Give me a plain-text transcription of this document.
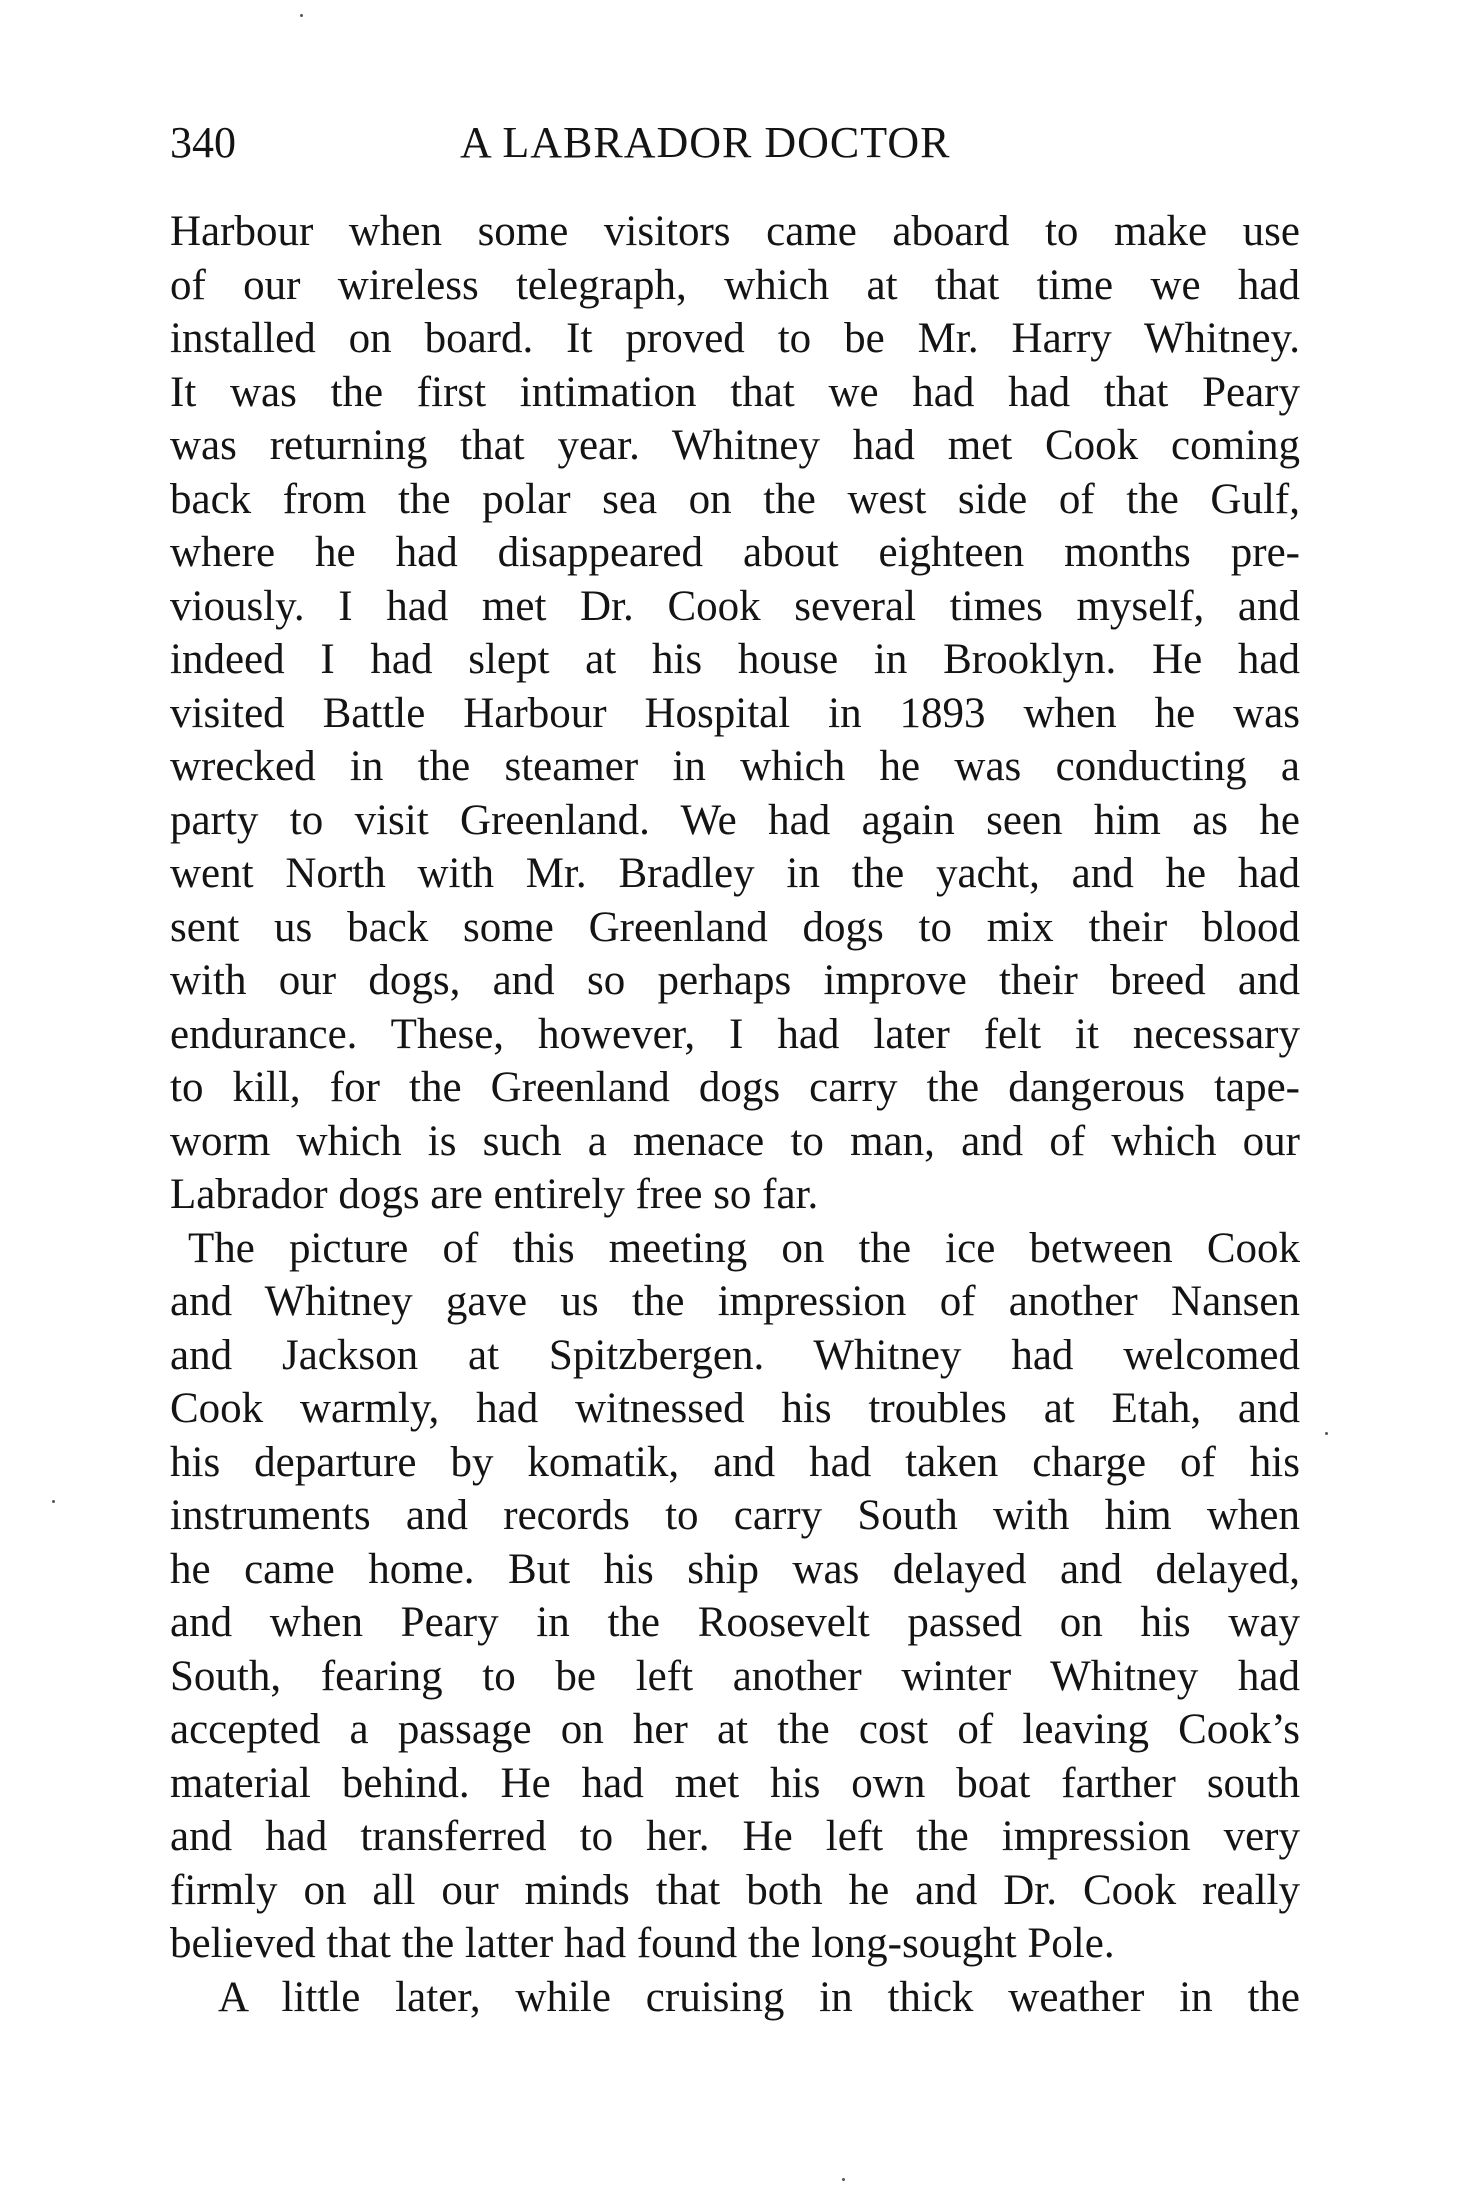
340	A LABRADOR DOCTOR
Harbour when some visitors came aboard to make use
of our wireless telegraph, which at that time we had
installed on board. It proved to be Mr. Harry Whitney.
It was the first intimation that we had had that Peary
was returning that year. Whitney had met Cook coming
back from the polar sea on the west side of the Gulf,
where he had disappeared about eighteen months pre-
viously. I had met Dr. Cook several times myself, and
indeed I had slept at his house in Brooklyn. He had
visited Battle Harbour Hospital in 1893 when he was
wrecked in the steamer in which he was conducting a
party to visit Greenland. We had again seen him as he
went North with Mr. Bradley in the yacht, and he had
sent us back some Greenland dogs to mix their blood
with our dogs, and so perhaps improve their breed and
endurance. These, however, I had later felt it necessary
to kill, for the Greenland dogs carry the dangerous tape-
worm which is such a menace to man, and of which our
Labrador dogs are entirely free so far.
The picture of this meeting on the ice between Cook
and Whitney gave us the impression of another Nansen
and Jackson at Spitzbergen. Whitney had welcomed
Cook warmly, had witnessed his troubles at Etah, and
his departure by komatik, and had taken charge of his
instruments and records to carry South with him when
he came home. But his ship was delayed and delayed,
and when Peary in the Roosevelt passed on his way
South, fearing to be left another winter Whitney had
accepted a passage on her at the cost of leaving Cook’s
material behind. He had met his own boat farther south
and had transferred to her. He left the impression very
firmly on all our minds that both he and Dr. Cook really
believed that the latter had found the long-sought Pole.
A little later, while cruising in thick weather in the
